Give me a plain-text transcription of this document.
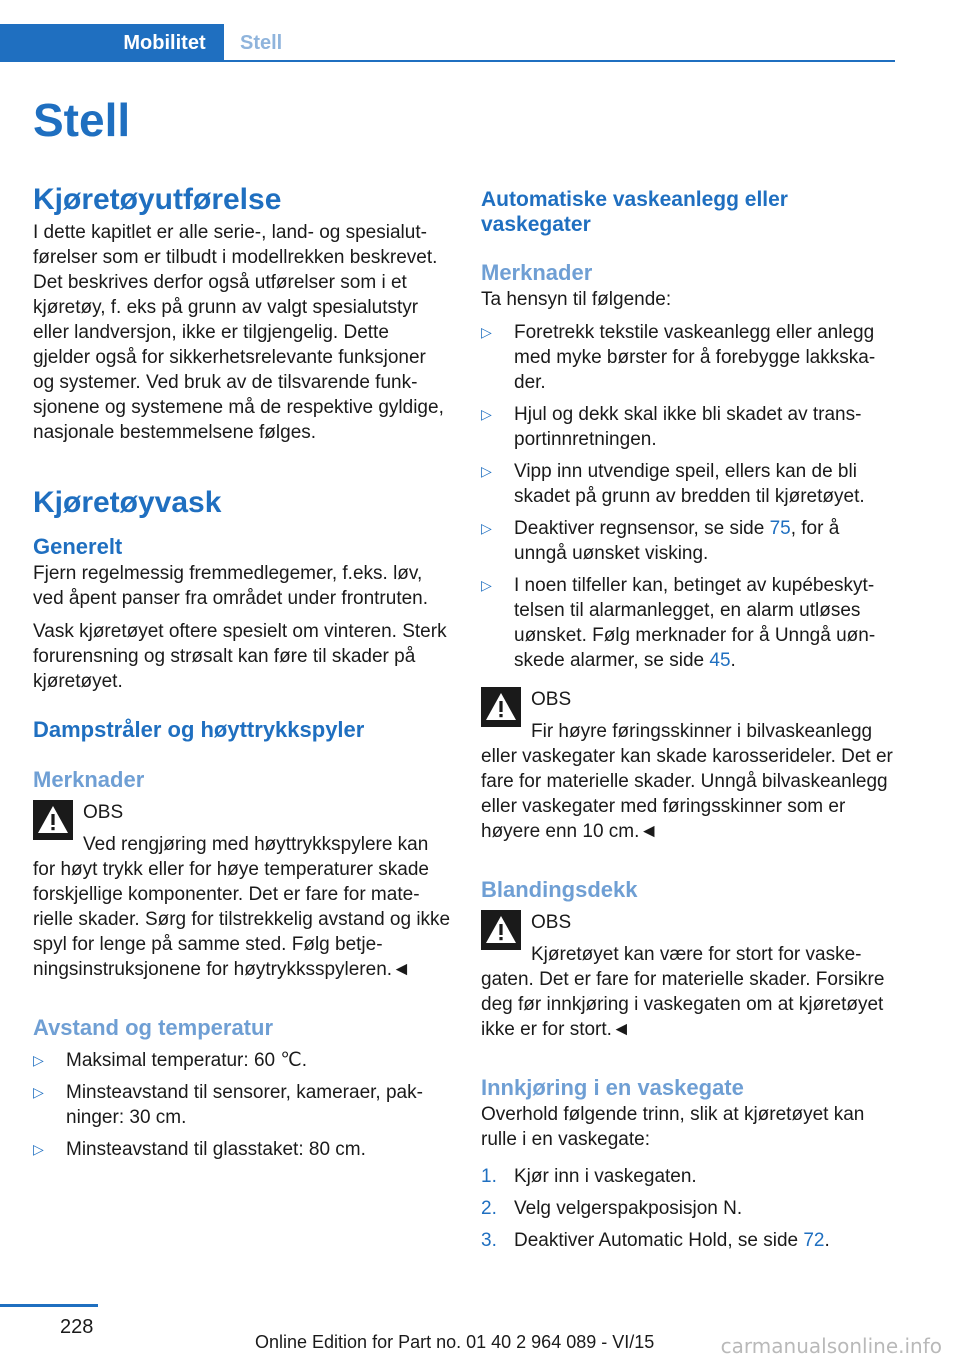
Mobilitet	Stell
Stell
Kjøretøyutførelse

I dette kapitlet er alle serie-, land- og spesialutførelser som er tilbudt i modellrekken beskrevet. Det beskrives derfor også utførelser som i et kjøretøy, f. eks på grunn av valgt spesialutstyr eller landversjon, ikke er tilgjengelig. Dette gjelder også for sikkerhetsrelevante funksjoner og systemer. Ved bruk av de tilsvarende funksjonene og systemene må de respektive gyldige, nasjonale bestemmelsene følges.

Kjøretøyvask
Generelt

Fjern regelmessig fremmedlegemer, f.eks. løv, ved åpent panser fra området under frontruten.

Vask kjøretøyet oftere spesielt om vinteren. Sterk forurensning og strøsalt kan føre til skader på kjøretøyet.

Dampstråler og høyttrykkspyler
Merknader
OBS

Ved rengjøring med høyttrykkspylere kan for høyt trykk eller for høye temperaturer skade forskjellige komponenter. Det er fare for materielle skader. Sørg for tilstrekkelig avstand og ikke spyl for lenge på samme sted. Følg betjeningsinstruksjonene for høytrykksspyleren.◄

Avstand og temperatur
▷ Maksimal temperatur: 60 ℃.
▷ Minsteavstand til sensorer, kameraer, pakninger: 30 cm.
▷ Minsteavstand til glasstaket: 80 cm.
Automatiske vaskeanlegg eller vaskegater
Merknader

Ta hensyn til følgende:

▷ Foretrekk tekstile vaskeanlegg eller anlegg med myke børster for å forebygge lakkskader.
▷ Hjul og dekk skal ikke bli skadet av transportinnretningen.
▷ Vipp inn utvendige speil, ellers kan de bli skadet på grunn av bredden til kjøretøyet.
▷ Deaktiver regnsensor, se side 75, for å unngå uønsket visking.
▷ I noen tilfeller kan, betinget av kupébeskyttelsen til alarmanlegget, en alarm utløses uønsket. Følg merknader for å Unngå uønskede alarmer, se side 45.
OBS

Fir høyre føringsskinner i bilvaskeanlegg eller vaskegater kan skade karosserideler. Det er fare for materielle skader. Unngå bilvaskeanlegg eller vaskegater med føringsskinner som er høyere enn 10 cm.◄

Blandingsdekk
OBS

Kjøretøyet kan være for stort for vaskegaten. Det er fare for materielle skader. Forsikre deg før innkjøring i vaskegaten om at kjøretøyet ikke er for stort.◄

Innkjøring i en vaskegate

Overhold følgende trinn, slik at kjøretøyet kan rulle i en vaskegate:

1. Kjør inn i vaskegaten.
2. Velg velgerspakposisjon N.
3. Deaktiver Automatic Hold, se side 72.
228
Online Edition for Part no. 01 40 2 964 089 - VI/15	carmanualsonline.info
